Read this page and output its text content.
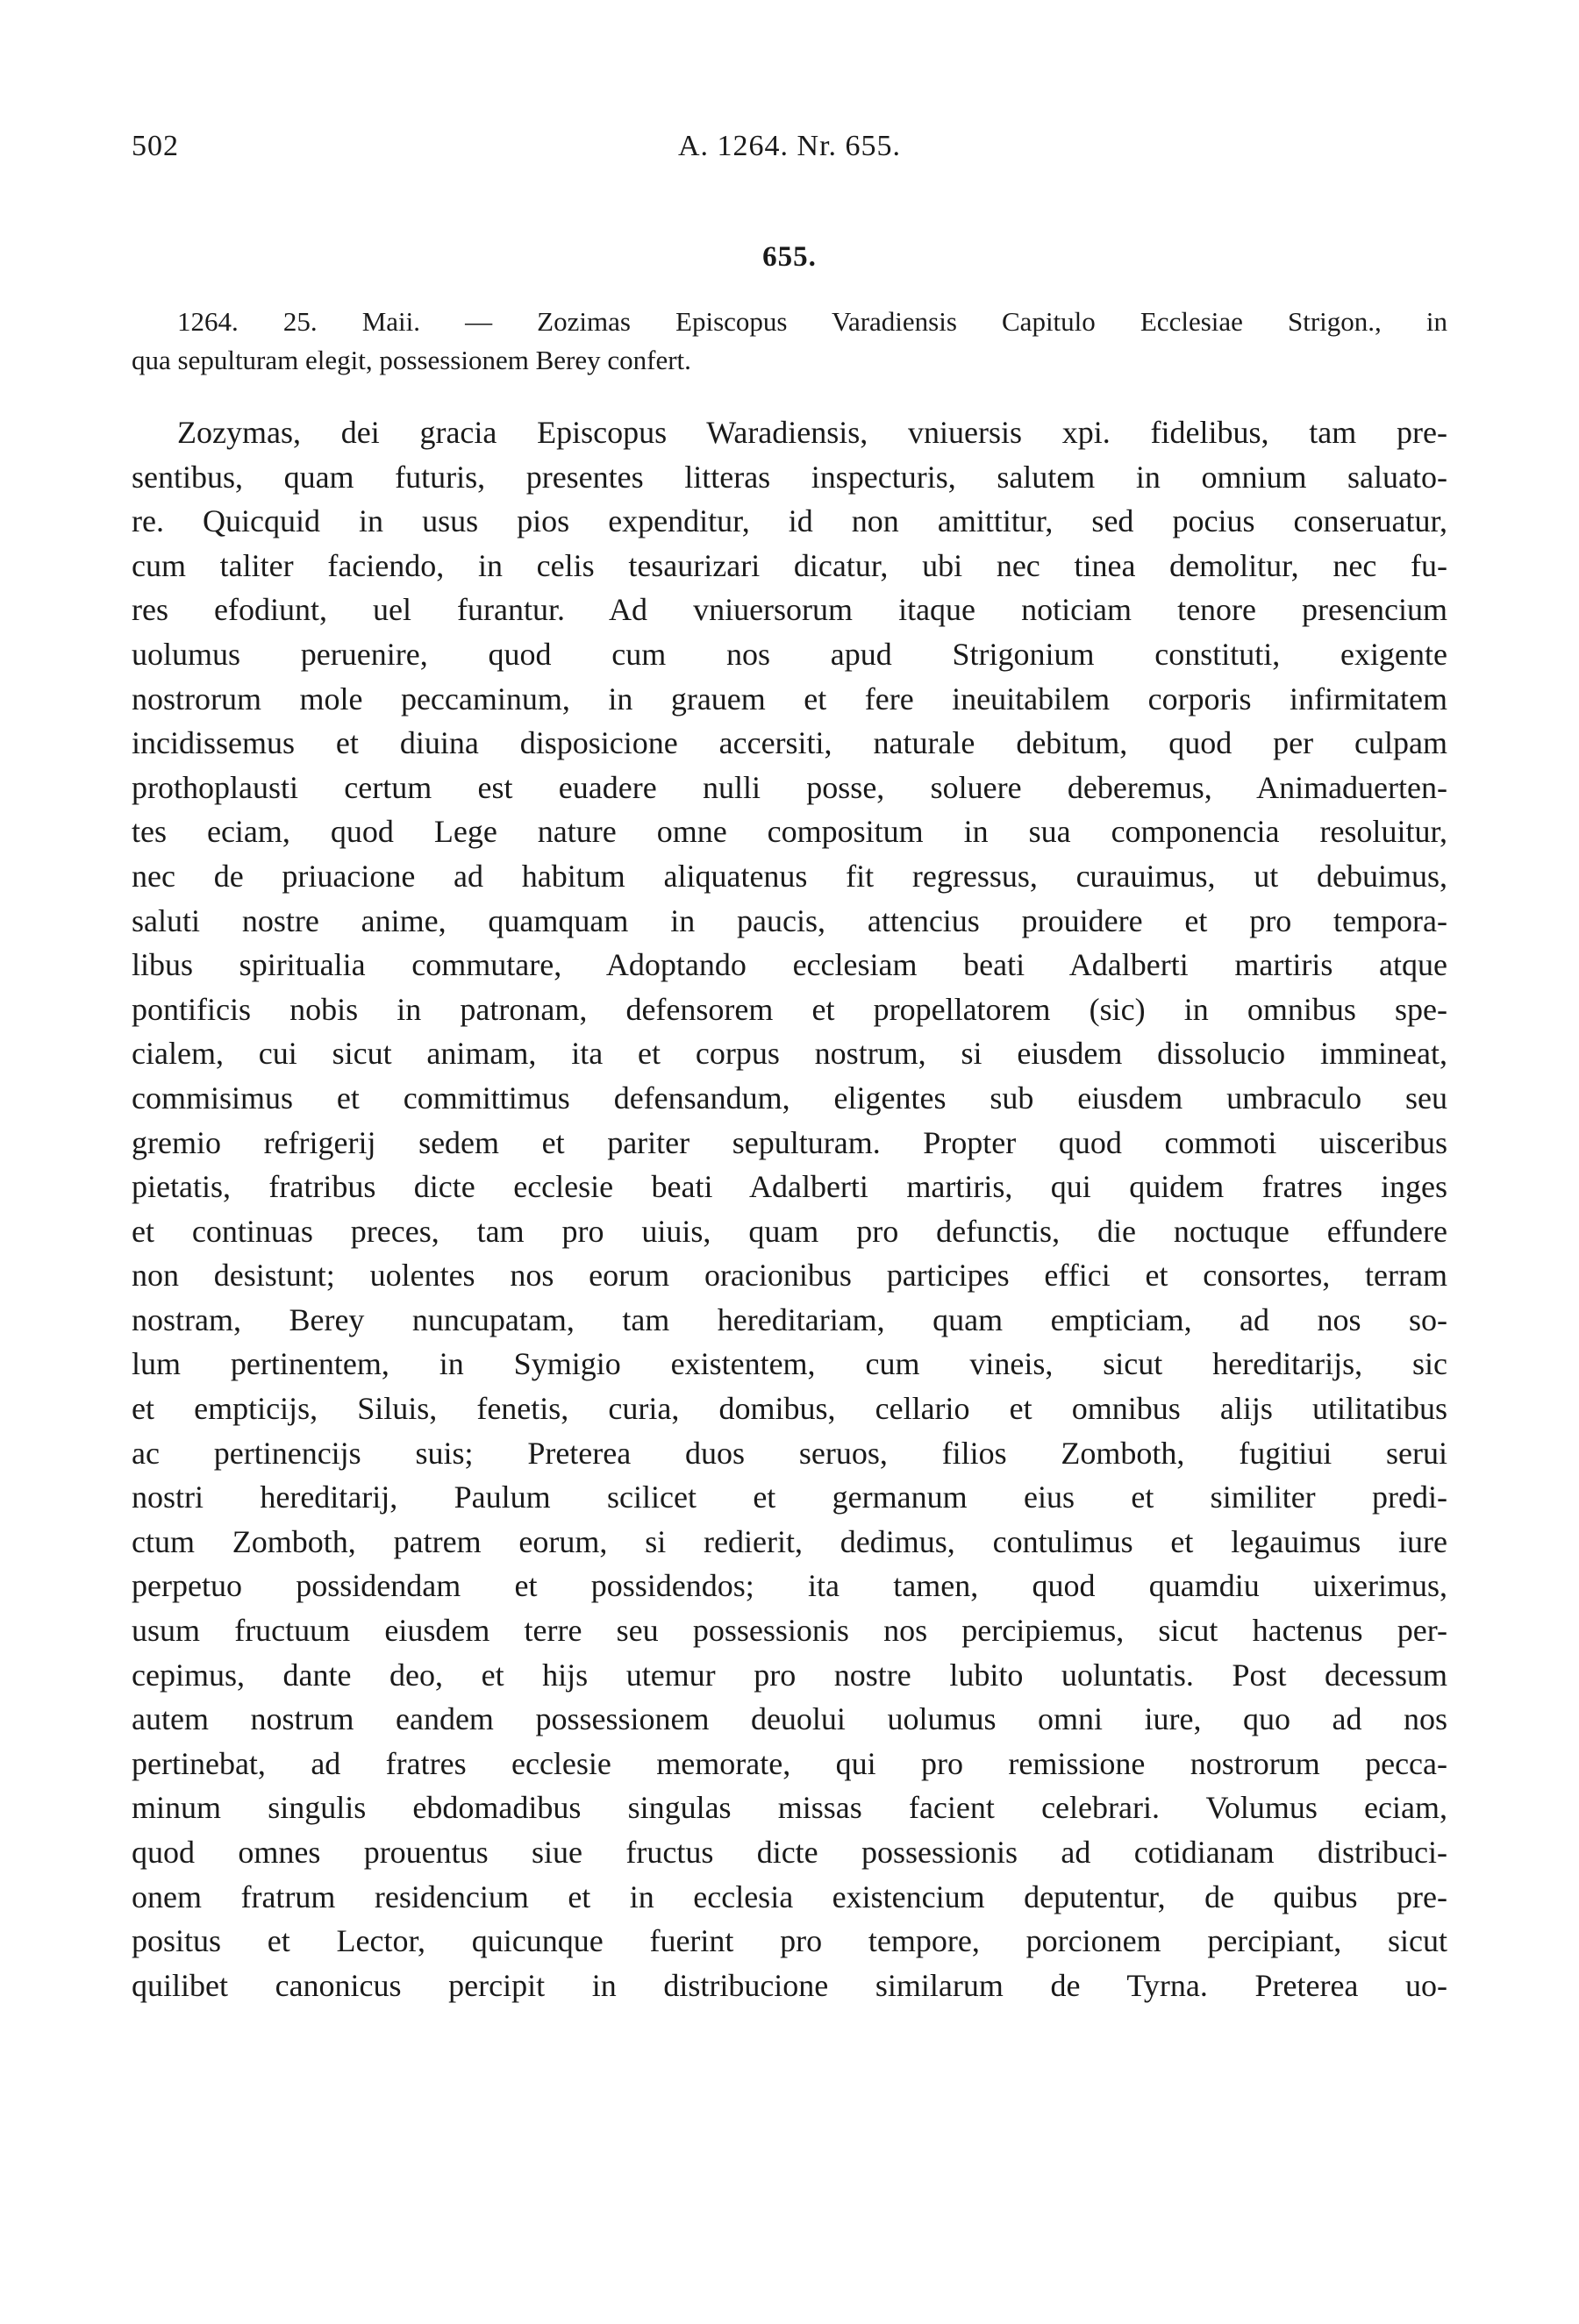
502	A. 1264. Nr. 655.
655.
1264. 25. Maii. — Zozimas Episcopus Varadiensis Capitulo Ecclesiae Strigon., in
qua sepulturam elegit, possessionem Berey confert.
Zozymas, dei gracia Episcopus Waradiensis, vniuersis xpi. fidelibus, tam pre-
sentibus, quam futuris, presentes litteras inspecturis, salutem in omnium saluato-
re. Quicquid in usus pios expenditur, id non amittitur, sed pocius conseruatur,
cum taliter faciendo, in celis tesaurizari dicatur, ubi nec tinea demolitur, nec fu-
res efodiunt, uel furantur. Ad vniuersorum itaque noticiam tenore presencium
uolumus peruenire, quod cum nos apud Strigonium constituti, exigente
nostrorum mole peccaminum, in grauem et fere ineuitabilem corporis infirmitatem
incidissemus et diuina disposicione accersiti, naturale debitum, quod per culpam
prothoplausti certum est euadere nulli posse, soluere deberemus, Animaduerten-
tes eciam, quod Lege nature omne compositum in sua componencia resoluitur,
nec de priuacione ad habitum aliquatenus fit regressus, curauimus, ut debuimus,
saluti nostre anime, quamquam in paucis, attencius prouidere et pro tempora-
libus spiritualia commutare, Adoptando ecclesiam beati Adalberti martiris atque
pontificis nobis in patronam, defensorem et propellatorem (sic) in omnibus spe-
cialem, cui sicut animam, ita et corpus nostrum, si eiusdem dissolucio immineat,
commisimus et committimus defensandum, eligentes sub eiusdem umbraculo seu
gremio refrigerij sedem et pariter sepulturam. Propter quod commoti uisceribus
pietatis, fratribus dicte ecclesie beati Adalberti martiris, qui quidem fratres inges
et continuas preces, tam pro uiuis, quam pro defunctis, die noctuque effundere
non desistunt; uolentes nos eorum oracionibus participes effici et consortes, terram
nostram, Berey nuncupatam, tam hereditariam, quam empticiam, ad nos so-
lum pertinentem, in Symigio existentem, cum vineis, sicut hereditarijs, sic
et empticijs, Siluis, fenetis, curia, domibus, cellario et omnibus alijs utilitatibus
ac pertinencijs suis; Preterea duos seruos, filios Zomboth, fugitiui serui
nostri hereditarij, Paulum scilicet et germanum eius et similiter predi-
ctum Zomboth, patrem eorum, si redierit, dedimus, contulimus et legauimus iure
perpetuo possidendam et possidendos; ita tamen, quod quamdiu uixerimus,
usum fructuum eiusdem terre seu possessionis nos percipiemus, sicut hactenus per-
cepimus, dante deo, et hijs utemur pro nostre lubito uoluntatis. Post decessum
autem nostrum eandem possessionem deuolui uolumus omni iure, quo ad nos
pertinebat, ad fratres ecclesie memorate, qui pro remissione nostrorum pecca-
minum singulis ebdomadibus singulas missas facient celebrari. Volumus eciam,
quod omnes prouentus siue fructus dicte possessionis ad cotidianam distribuci-
onem fratrum residencium et in ecclesia existencium deputentur, de quibus pre-
positus et Lector, quicunque fuerint pro tempore, porcionem percipiant, sicut
quilibet canonicus percipit in distribucione similarum de Tyrna. Preterea uo-
